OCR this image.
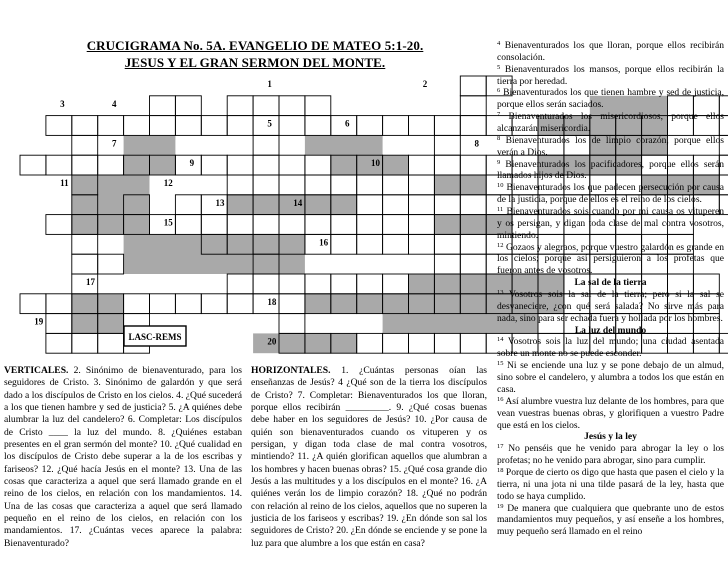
CRUCIGRAMA No. 5A. EVANGELIO DE MATEO 5:1-20.
JESUS Y EL GRAN SERMON DEL MONTE.
1	2
3	4
5	6
7	8
9	10
11	12
13	14
15
16
17
18
19
20
LASC-REMS
VERTICALES. 2. Sinónimo de bienaventurado, para los seguidores de Cristo. 3. Sinónimo de galardón y que será dado a los discípulos de Cristo en los cielos. 4. ¿Qué sucederá a los que tienen hambre y sed de justicia? 5. ¿A quiénes debe alumbrar la luz del candelero? 6. Completar: Los discípulos de Cristo ____ la luz del mundo. 8. ¿Quiénes estaban presentes en el gran sermón del monte? 10. ¿Qué cualidad en los discípulos de Cristo debe superar a la de los escribas y fariseos? 12. ¿Qué hacía Jesús en el monte? 13. Una de las cosas que caracteriza a aquel que será llamado grande en el reino de los cielos, en relación con los mandamientos. 14. Una de las cosas que caracteriza a aquel que será llamado pequeño en el reino de los cielos, en relación con los mandamientos. 17. ¿Cuántas veces aparece la palabra: Bienaventurado?
HORIZONTALES. 1. ¿Cuántas personas oían las enseñanzas de Jesús? 4 ¿Qué son de la tierra los discípulos de Cristo? 7. Completar: Bienaventurados los que lloran, porque ellos recibirán _________. 9. ¿Qué cosas buenas debe haber en los seguidores de Jesús? 10. ¿Por causa de quién son bienaventurados cuando os vituperen y os persigan, y digan toda clase de mal contra vosotros, mintiendo? 11. ¿A quién glorifican aquellos que alumbran a los hombres y hacen buenas obras? 15. ¿Qué cosa grande dio Jesús a las multitudes y a los discípulos en el monte? 16. ¿A quiénes verán los de limpio corazón? 18. ¿Qué no podrán con relación al reino de los cielos, aquellos que no superen la justicia de los fariseos y escribas? 19. ¿En dónde son sal los seguidores de Cristo? 20. ¿En dónde se enciende y se pone la luz para que alumbre a los que están en casa?

$^4$ Bienaventurados los que lloran, porque ellos recibirán consolación.

$^5$ Bienaventurados los mansos, porque ellos recibirán la tierra por heredad.

$^6$ Bienaventurados los que tienen hambre y sed de justicia, porque ellos serán saciados.

$^7$ Bienaventurados los misericordiosos, porque ellos alcanzarán misericordia.

$^8$ Bienaventurados los de limpio corazón, porque ellos verán a Dios.

$^9$ Bienaventurados los pacificadores, porque ellos serán llamados hijos de Dios.

$^{10}$ Bienaventurados los que padecen persecución por causa de la justicia, porque de ellos es el reino de los cielos.

$^{11}$ Bienaventurados sois cuando por mi causa os vituperen y os persigan, y digan toda clase de mal contra vosotros, mintiendo.

$^{12}$ Gozaos y alegraos, porque vuestro galardón es grande en los cielos; porque así persiguieron a los profetas que fueron antes de vosotros.

La sal de la tierra

$^{13}$ Vosotros sois la sal de la tierra; pero si la sal se desvaneciere, ¿con qué será salada? No sirve más para nada, sino para ser echada fuera y hollada por los hombres.

La luz del mundo

$^{14}$ Vosotros sois la luz del mundo; una ciudad asentada sobre un monte no se puede esconder.

$^{15}$ Ni se enciende una luz y se pone debajo de un almud, sino sobre el candelero, y alumbra a todos los que están en casa.

$^{16}$ Así alumbre vuestra luz delante de los hombres, para que vean vuestras buenas obras, y glorifiquen a vuestro Padre que está en los cielos.

Jesús y la ley

$^{17}$ No penséis que he venido para abrogar la ley o los profetas; no he venido para abrogar, sino para cumplir.

$^{18}$ Porque de cierto os digo que hasta que pasen el cielo y la tierra, ni una jota ni una tilde pasará de la ley, hasta que todo se haya cumplido.

$^{19}$ De manera que cualquiera que quebrante uno de estos mandamientos muy pequeños, y así enseñe a los hombres, muy pequeño será llamado en el reino
